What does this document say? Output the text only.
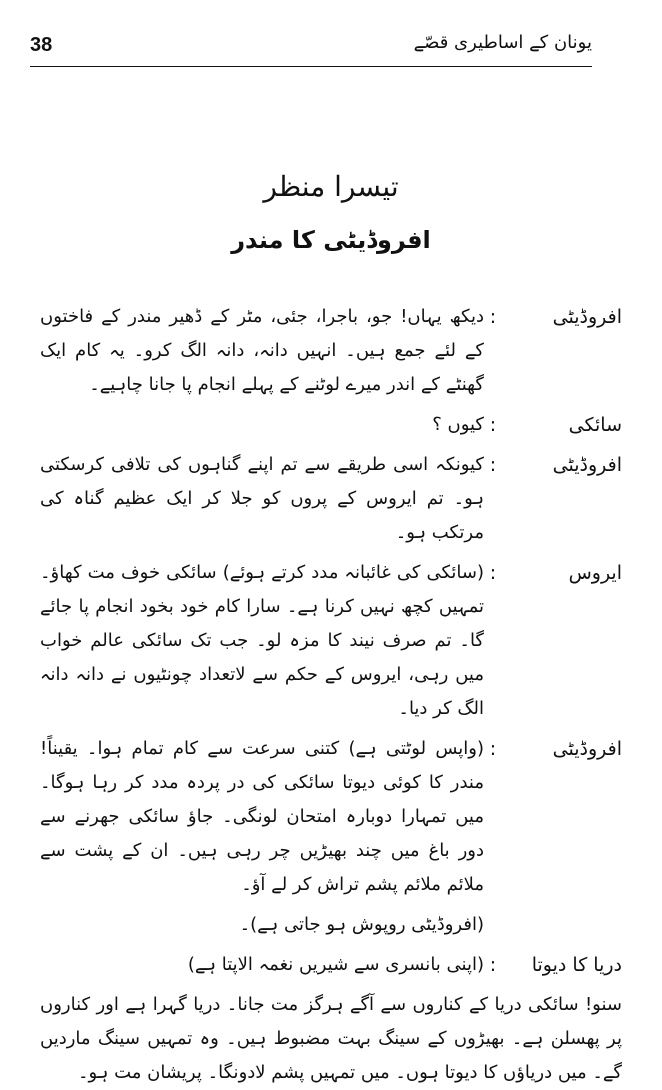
38	یونان کے اساطیری قصّے
تیسرا منظر
افروڈیٹی کا مندر
افروڈیٹی
:
دیکھ یہاں! جو، باجرا، جئی، مٹر کے ڈھیر مندر کے فاختوں کے لئے جمع ہیں۔ انہیں دانہ، دانہ الگ کرو۔ یہ کام ایک گھنٹے کے اندر میرے لوٹنے کے پہلے انجام پا جانا چاہیے۔
سائکی
:
کیوں ؟
افروڈیٹی
:
کیونکہ اسی طریقے سے تم اپنے گناہوں کی تلافی کرسکتی ہو۔ تم ایروس کے پروں کو جلا کر ایک عظیم گناہ کی مرتکب ہو۔
ایروس
:
(سائکی کی غائبانہ مدد کرتے ہوئے) سائکی خوف مت کھاؤ۔ تمہیں کچھ نہیں کرنا ہے۔ سارا کام خود بخود انجام پا جائے گا۔ تم صرف نیند کا مزہ لو۔ جب تک سائکی عالم خواب میں رہی، ایروس کے حکم سے لاتعداد چونٹیوں نے دانہ دانہ الگ کر دیا۔
افروڈیٹی
:
(واپس لوٹتی ہے) کتنی سرعت سے کام تمام ہوا۔ یقیناً! مندر کا کوئی دیوتا سائکی کی در پردہ مدد کر رہا ہوگا۔ میں تمہارا دوبارہ امتحان لونگی۔ جاؤ سائکی جھرنے سے دور باغ میں چند بھیڑیں چر رہی ہیں۔ ان کے پشت سے ملائم ملائم پشم تراش کر لے آؤ۔
(افروڈیٹی روپوش ہو جاتی ہے)۔
دریا کا دیوتا
:
(اپنی بانسری سے شیریں نغمہ الاپتا ہے)
سنو! سائکی دریا کے کناروں سے آگے ہرگز مت جانا۔ دریا گہرا ہے اور کناروں پر پھسلن ہے۔ بھیڑوں کے سینگ بہت مضبوط ہیں۔ وہ تمہیں سینگ ماردیں گے۔ میں دریاؤں کا دیوتا ہوں۔ میں تمہیں پشم لادونگا۔ پریشان مت ہو۔
